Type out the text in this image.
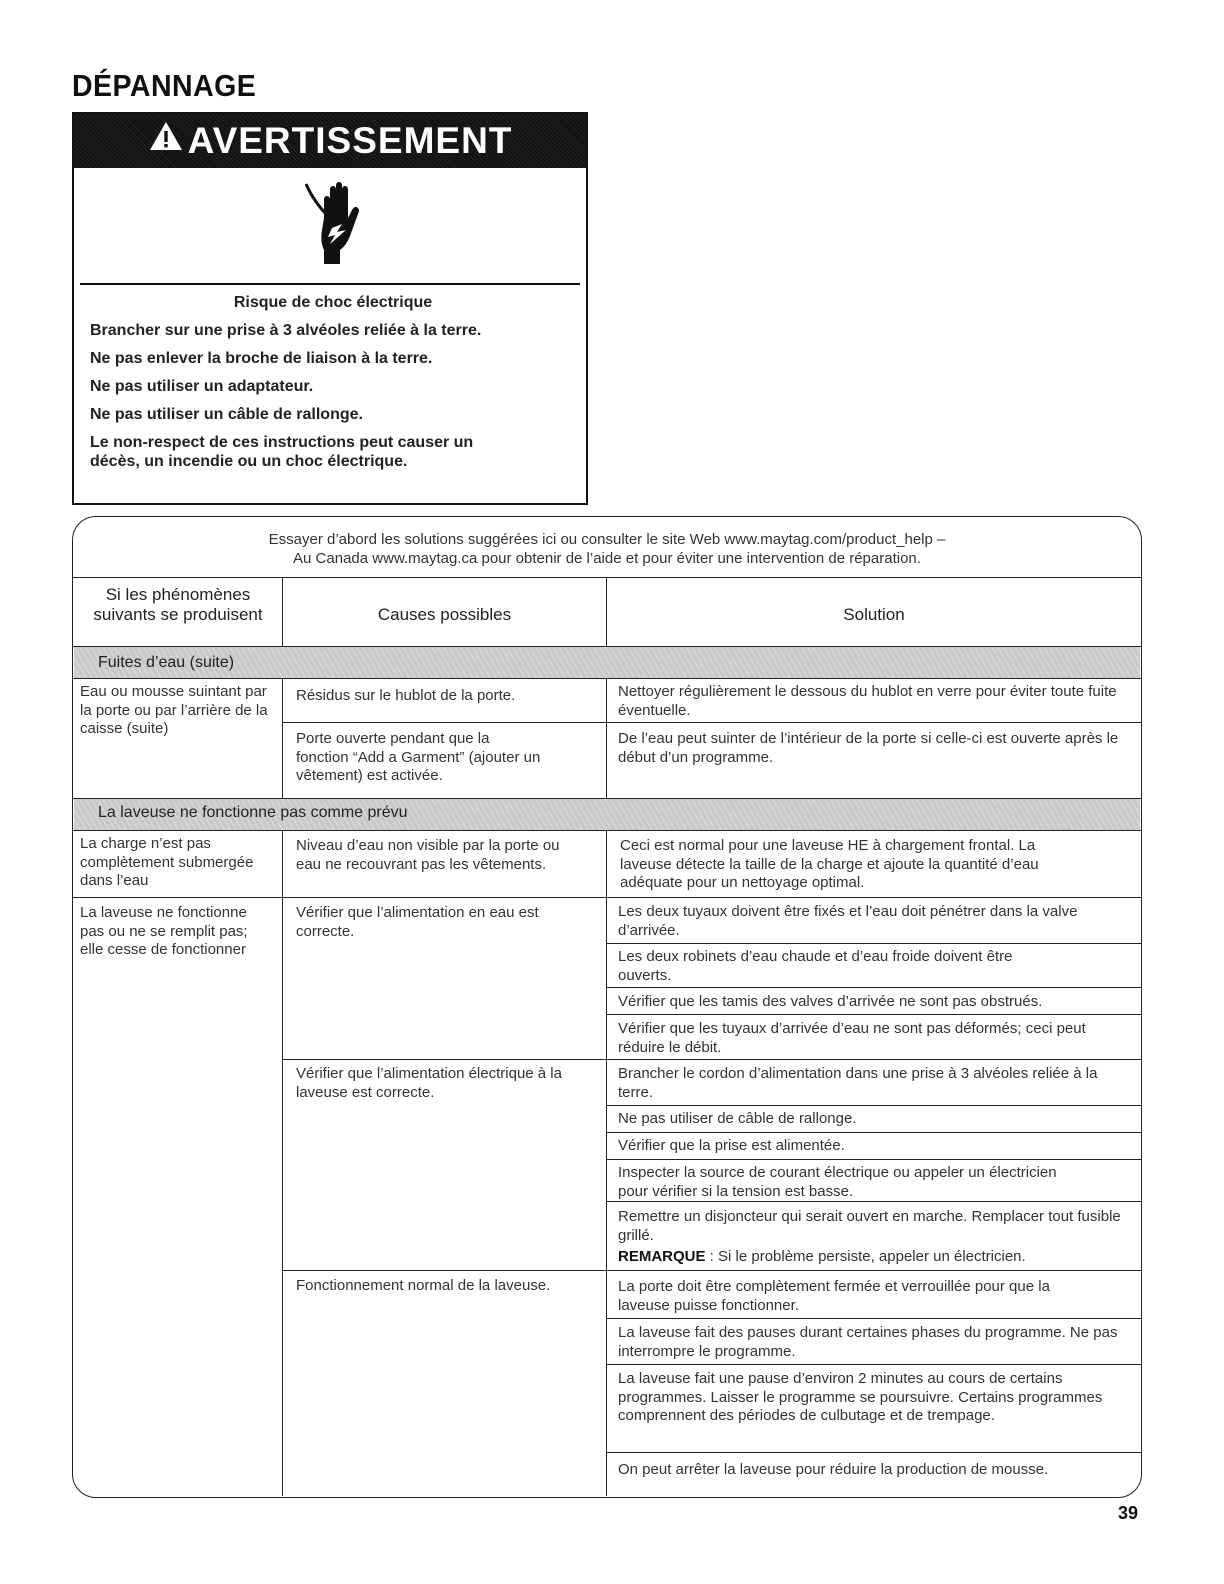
DÉPANNAGE
AVERTISSEMENT

Risque de choc électrique

Brancher sur une prise à 3 alvéoles reliée à la terre.

Ne pas enlever la broche de liaison à la terre.

Ne pas utiliser un adaptateur.

Ne pas utiliser un câble de rallonge.

Le non-respect de ces instructions peut causer un décès, un incendie ou un choc électrique.

Essayer d’abord les solutions suggérées ici ou consulter le site Web www.maytag.com/product_help –
Au Canada www.maytag.ca pour obtenir de l’aide et pour éviter une intervention de réparation.
Si les phénomènes suivants se produisent	Causes possibles	Solution
Fuites d’eau (suite)
Eau ou mousse suintant par la porte ou par l’arrière de la caisse (suite)
Résidus sur le hublot de la porte.
Porte ouverte pendant que la fonction “Add a Garment” (ajouter un vêtement) est activée.
Nettoyer régulièrement le dessous du hublot en verre pour éviter toute fuite éventuelle.
De l’eau peut suinter de l’intérieur de la porte si celle-ci est ouverte après le début d’un programme.
La laveuse ne fonctionne pas comme prévu
La charge n’est pas complètement submergée dans l’eau
La laveuse ne fonctionne pas ou ne se remplit pas; elle cesse de fonctionner
Niveau d’eau non visible par la porte ou eau ne recouvrant pas les vêtements.
Vérifier que l’alimentation en eau est correcte.
Vérifier que l’alimentation électrique à la laveuse est correcte.
Fonctionnement normal de la laveuse.
Ceci est normal pour une laveuse HE à chargement frontal. La laveuse détecte la taille de la charge et ajoute la quantité d’eau adéquate pour un nettoyage optimal.
Les deux tuyaux doivent être fixés et l’eau doit pénétrer dans la valve d’arrivée.
Les deux robinets d’eau chaude et d’eau froide doivent être ouverts.
Vérifier que les tamis des valves d’arrivée ne sont pas obstrués.
Vérifier que les tuyaux d’arrivée d’eau ne sont pas déformés; ceci peut réduire le débit.
Brancher le cordon d’alimentation dans une prise à 3 alvéoles reliée à la terre.
Ne pas utiliser de câble de rallonge.
Vérifier que la prise est alimentée.
Inspecter la source de courant électrique ou appeler un électricien pour vérifier si la tension est basse.
Remettre un disjoncteur qui serait ouvert en marche. Remplacer tout fusible grillé.
REMARQUE : Si le problème persiste, appeler un électricien.
La porte doit être complètement fermée et verrouillée pour que la laveuse puisse fonctionner.
La laveuse fait des pauses durant certaines phases du programme. Ne pas interrompre le programme.
La laveuse fait une pause d’environ 2 minutes au cours de certains programmes. Laisser le programme se poursuivre. Certains programmes comprennent des périodes de culbutage et de trempage.
On peut arrêter la laveuse pour réduire la production de mousse.
39
